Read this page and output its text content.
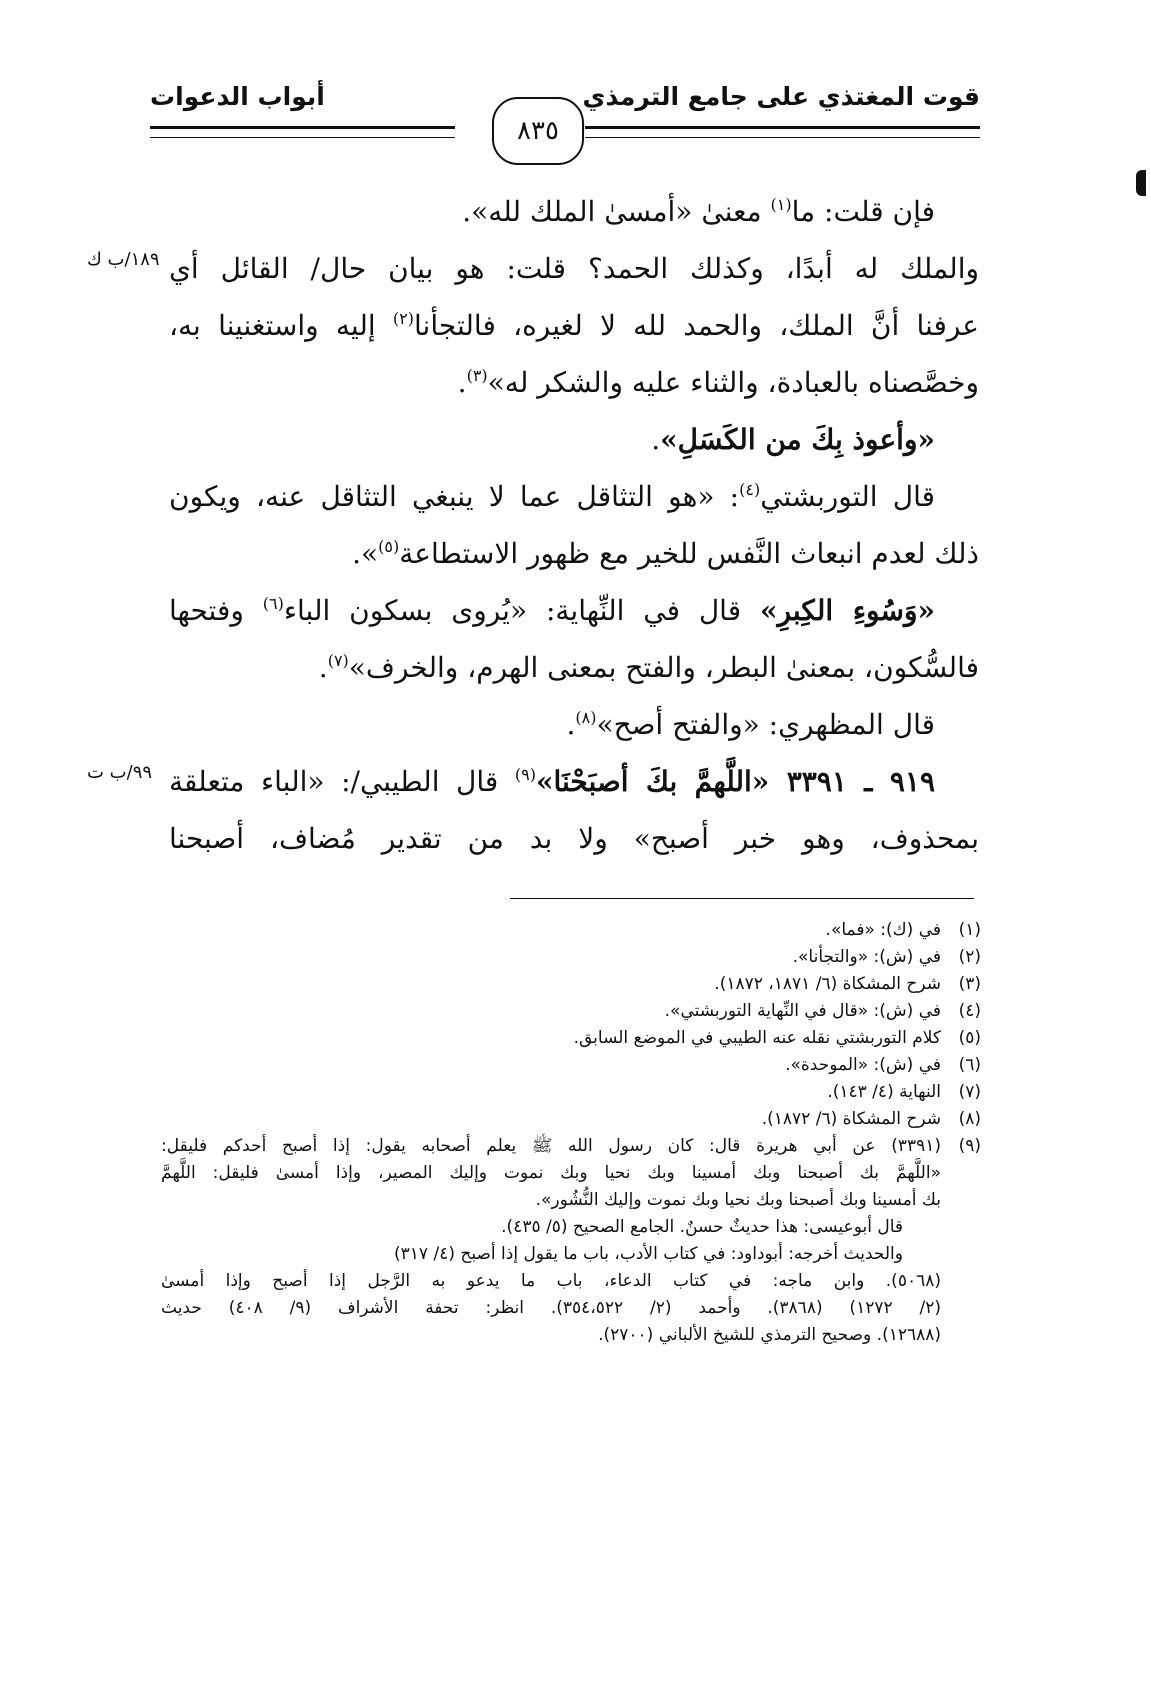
قوت المغتذي على جامع الترمذي
أبواب الدعوات
٨٣٥
فإن قلت: ما$^{(١)}$ معنىٰ «أمسىٰ الملك لله».
والملك له أبدًا، وكذلك الحمد؟ قلت: هو بيان حال/ القائل أي
١٨٩/ب ك
عرفنا أنَّ الملك، والحمد لله لا لغيره، فالتجأنا$^{(٢)}$ إليه واستغنينا به،
وخصَّصناه بالعبادة، والثناء عليه والشكر له»$^{(٣)}$.
«وأعوذ بِكَ من الكَسَلِ».
قال التوربشتي$^{(٤)}$: «هو التثاقل عما لا ينبغي التثاقل عنه، ويكون
ذلك لعدم انبعاث النَّفس للخير مع ظهور الاستطاعة$^{(٥)}$».
«وَسُوءِ الكِبرِ» قال في النِّهاية: «يُروى بسكون الباء$^{(٦)}$ وفتحها
فالسُّكون، بمعنىٰ البطر، والفتح بمعنى الهرم، والخرف»$^{(٧)}$.
قال المظهري: «والفتح أصح»$^{(٨)}$.
٩١٩ ـ ٣٣٩١ «اللَّهمَّ بكَ أصبَحْنَا»$^{(٩)}$ قال الطيبي/: «الباء متعلقة
٩٩/ب ت
بمحذوف، وهو خبر أصبح» ولا بد من تقدير مُضاف، أصبحنا
(١)
في (ك): «فما».
(٢)
في (ش): «والتجأنا».
(٣)
شرح المشكاة (٦/ ١٨٧١، ١٨٧٢).
(٤)
في (ش): «قال في النِّهاية التوربشتي».
(٥)
كلام التوربشتي نقله عنه الطيبي في الموضع السابق.
(٦)
في (ش): «الموحدة».
(٧)
النهاية (٤/ ١٤٣).
(٨)
شرح المشكاة (٦/ ١٨٧٢).
(٩)
(٣٣٩١) عن أبي هريرة قال: كان رسول الله ﷺ يعلم أصحابه يقول: إذا أصبح أحدكم فليقل:
«اللَّهمَّ بك أصبحنا وبك أمسينا وبك نحيا وبك نموت وإليك المصير، وإذا أمسىٰ فليقل: اللَّهمَّ
بك أمسينا وبك أصبحنا وبك نحيا وبك نموت وإليك النُّشُور».
قال أبوعيسى: هذا حديثٌ حسنٌ. الجامع الصحيح (٥/ ٤٣٥).
والحديث أخرجه: أبوداود: في كتاب الأدب، باب ما يقول إذا أصبح (٤/ ٣١٧)
(٥٠٦٨). وابن ماجه: في كتاب الدعاء، باب ما يدعو به الرَّجل إذا أصبح وإذا أمسىٰ
(٢/ ١٢٧٢) (٣٨٦٨). وأحمد (٢/ ٣٥٤،٥٢٢). انظر: تحفة الأشراف (٩/ ٤٠٨) حديث
(١٢٦٨٨). وصحيح الترمذي للشيخ الألباني (٢٧٠٠).
